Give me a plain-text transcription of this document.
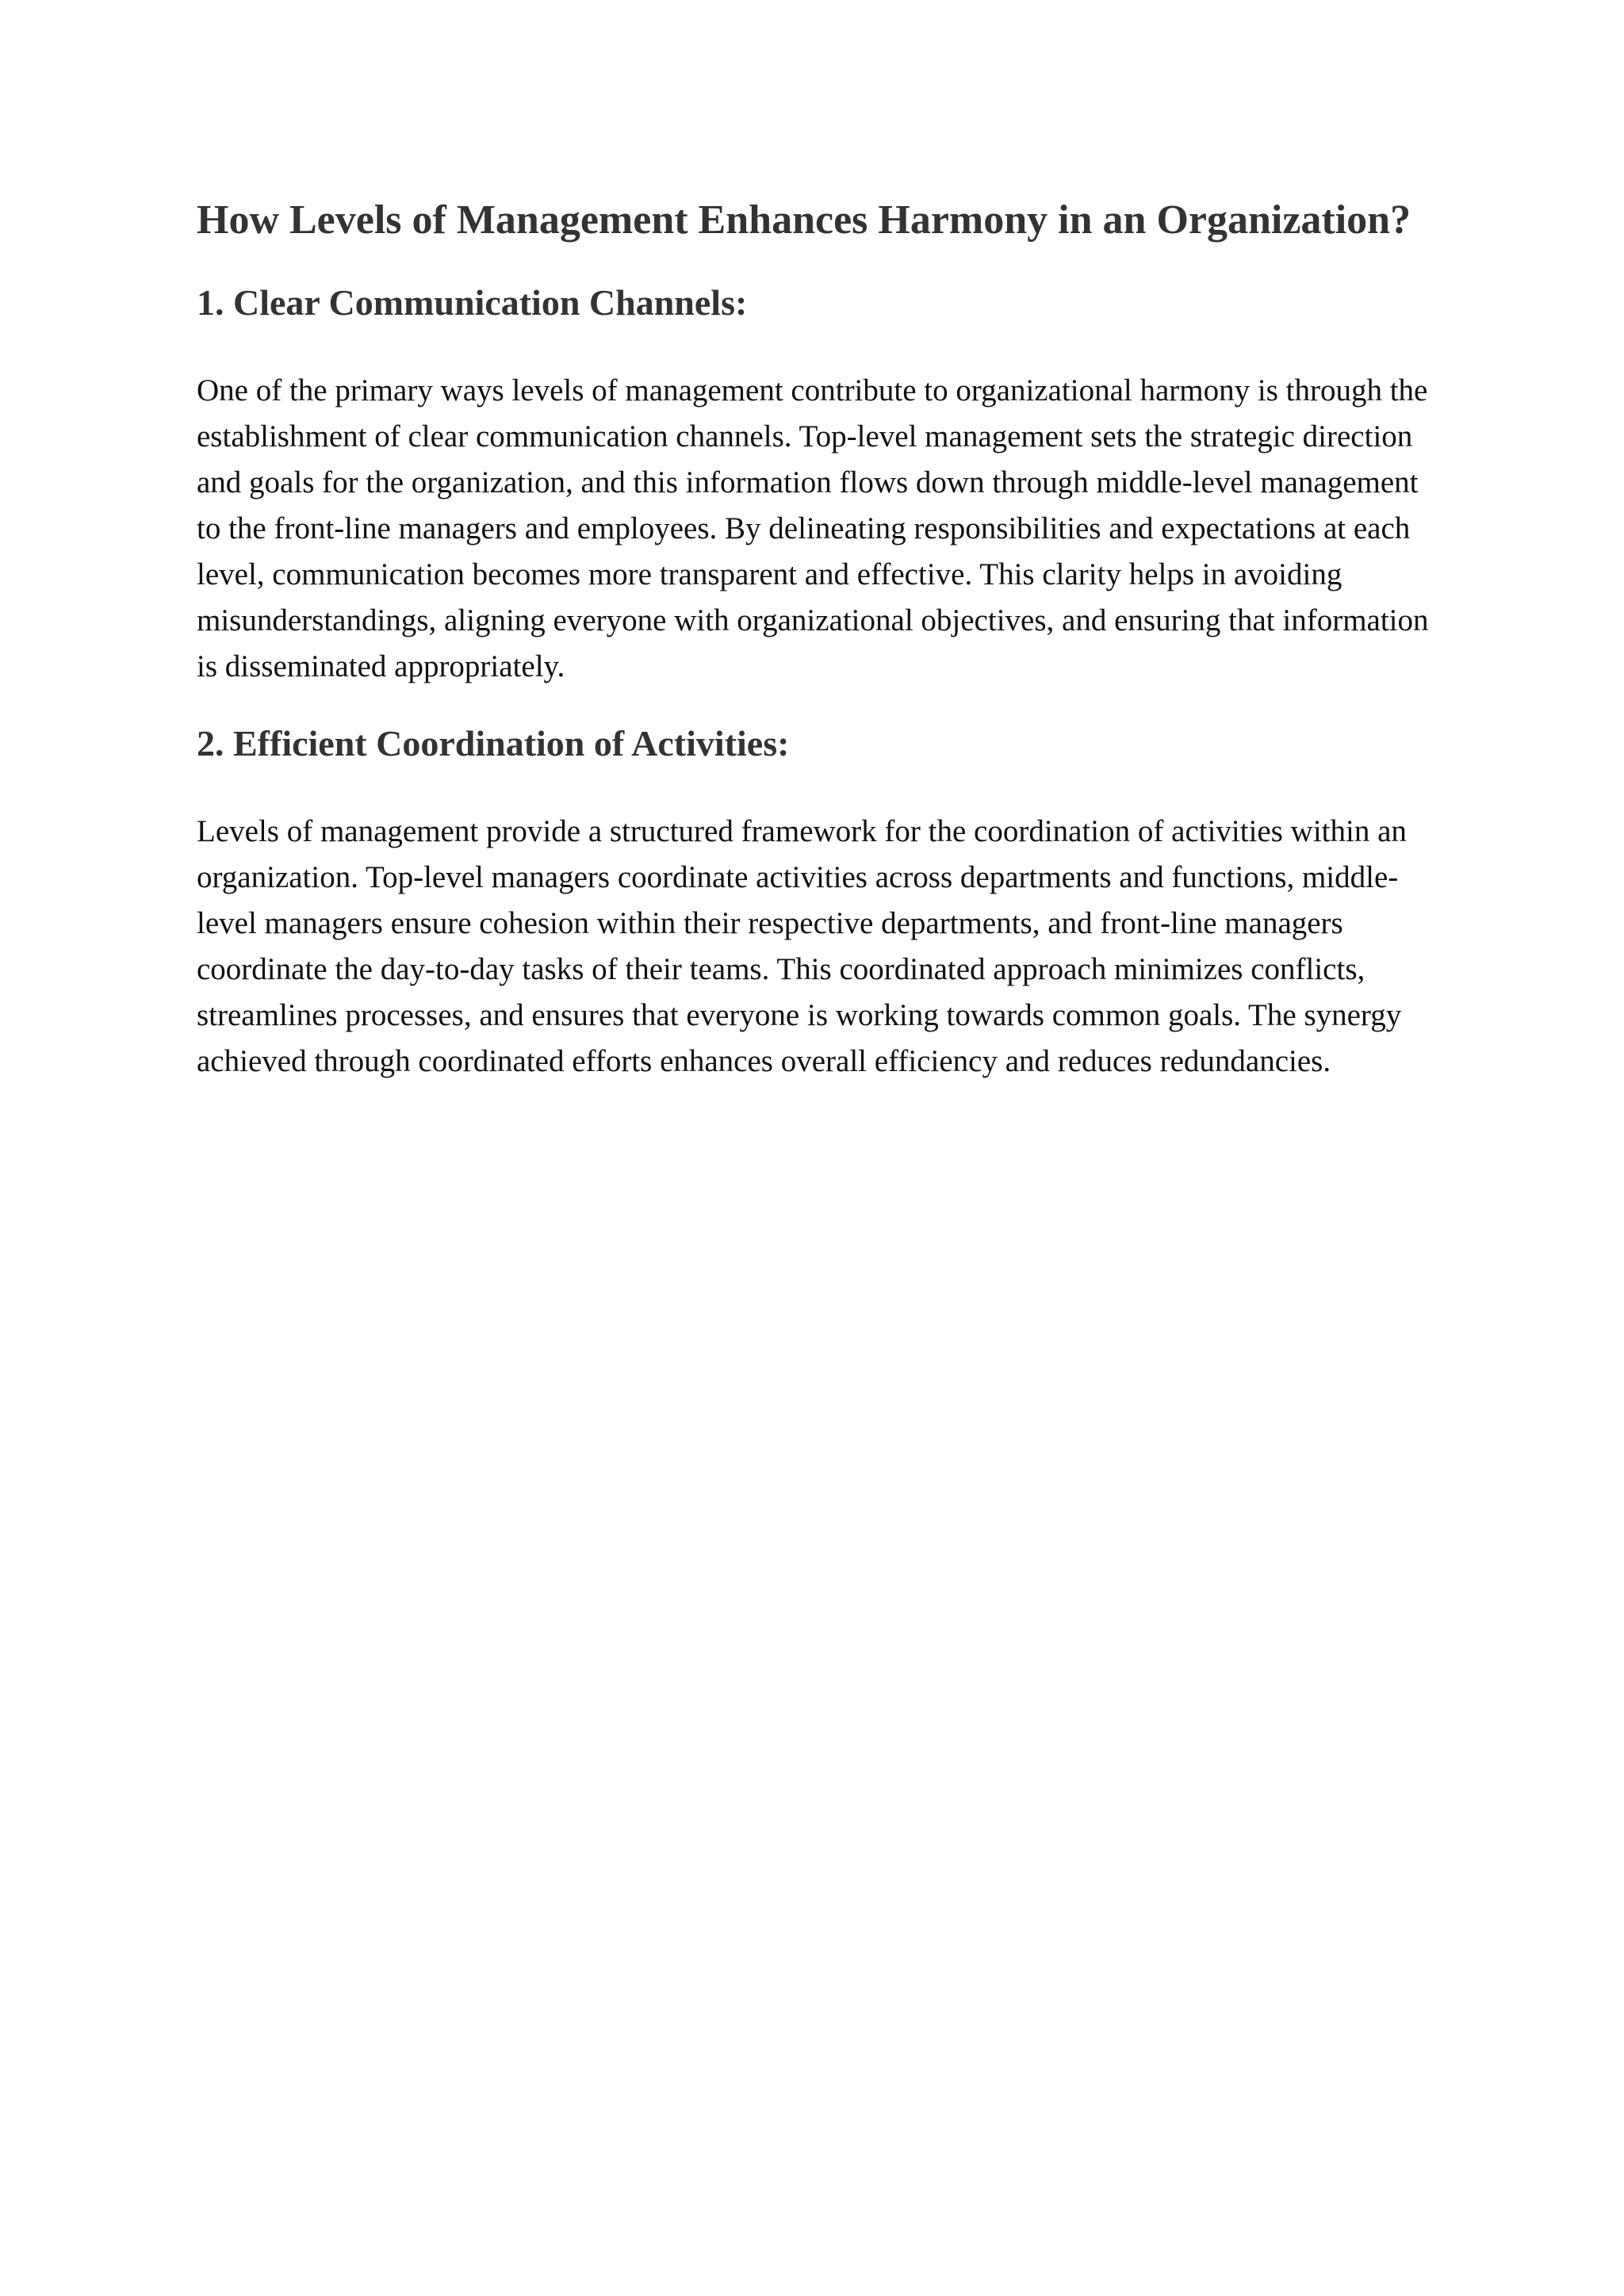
How Levels of Management Enhances Harmony in an Organization?
1. Clear Communication Channels:

One of the primary ways levels of management contribute to organizational harmony is through the establishment of clear communication channels. Top-level management sets the strategic direction and goals for the organization, and this information flows down through middle-level management to the front-line managers and employees. By delineating responsibilities and expectations at each level, communication becomes more transparent and effective. This clarity helps in avoiding misunderstandings, aligning everyone with organizational objectives, and ensuring that information is disseminated appropriately.

2. Efficient Coordination of Activities:

Levels of management provide a structured framework for the coordination of activities within an organization. Top-level managers coordinate activities across departments and functions, middle-level managers ensure cohesion within their respective departments, and front-line managers coordinate the day-to-day tasks of their teams. This coordinated approach minimizes conflicts, streamlines processes, and ensures that everyone is working towards common goals. The synergy achieved through coordinated efforts enhances overall efficiency and reduces redundancies.
